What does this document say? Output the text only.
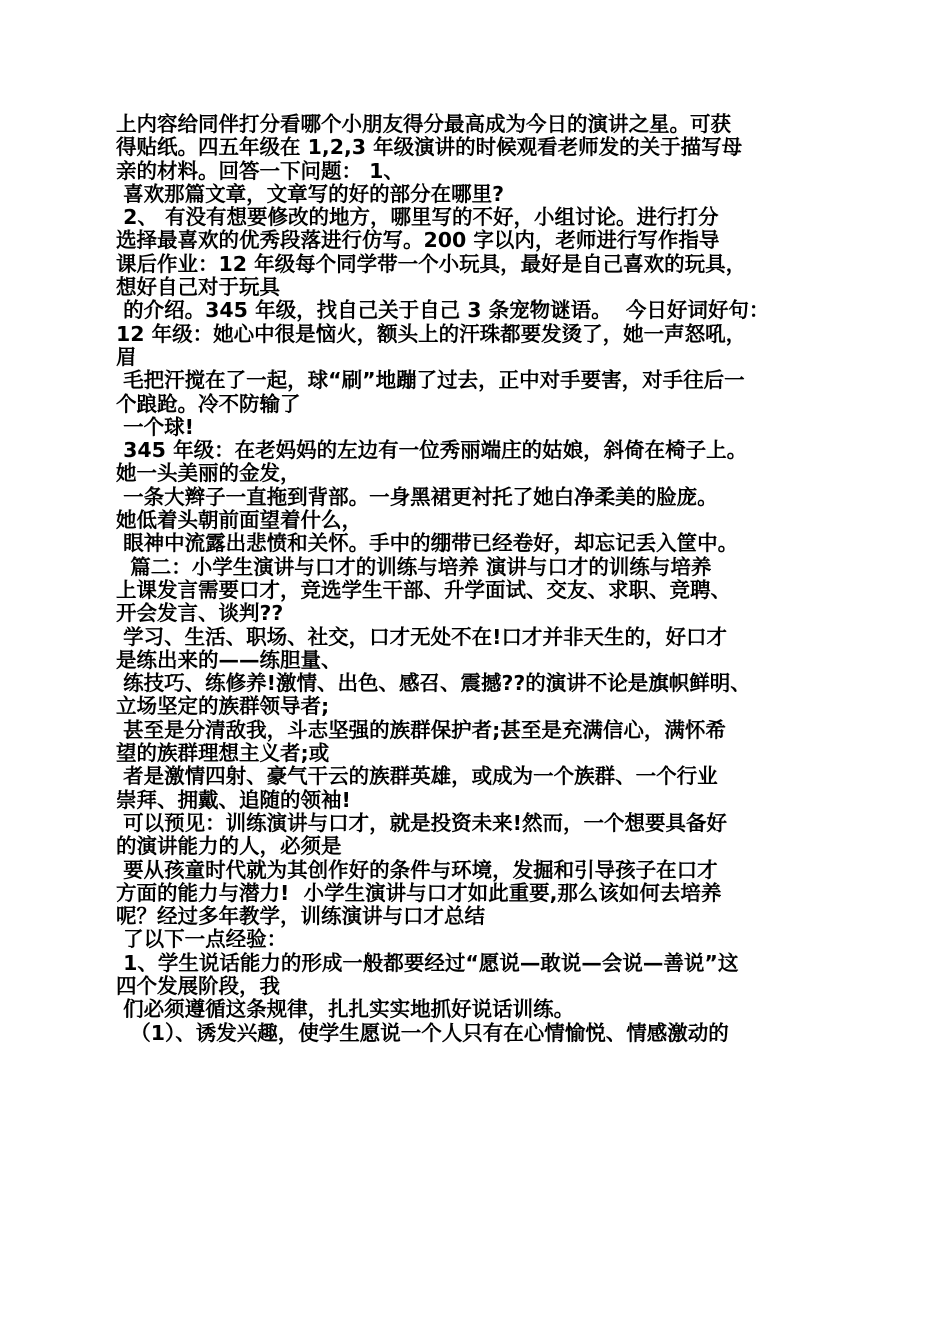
上内容给同伴打分看哪个小朋友得分最高成为今日的演讲之星。可获
得贴纸。四五年级在 1,2,3 年级演讲的时候观看老师发的关于描写母
亲的材料。回答一下问题： 1、
喜欢那篇文章，文章写的好的部分在哪里?
2、 有没有想要修改的地方，哪里写的不好，小组讨论。进行打分
选择最喜欢的优秀段落进行仿写。200 字以内，老师进行写作指导
课后作业：12 年级每个同学带一个小玩具，最好是自己喜欢的玩具，
想好自己对于玩具
的介绍。345 年级，找自己关于自己 3 条宠物谜语。  今日好词好句：
12 年级：她心中很是恼火，额头上的汗珠都要发烫了，她一声怒吼，
眉
毛把汗搅在了一起，球“刷”地蹦了过去，正中对手要害，对手往后一
个踉跄。冷不防输了
一个球!
345 年级：在老妈妈的左边有一位秀丽端庄的姑娘，斜倚在椅子上。
她一头美丽的金发，
一条大辫子一直拖到背部。一身黑裙更衬托了她白净柔美的脸庞。
她低着头朝前面望着什么，
眼神中流露出悲愤和关怀。手中的绷带已经卷好，却忘记丢入筐中。
篇二：小学生演讲与口才的训练与培养 演讲与口才的训练与培养
上课发言需要口才，竞选学生干部、升学面试、交友、求职、竞聘、
开会发言、谈判??
学习、生活、职场、社交，口才无处不在!口才并非天生的，好口才
是练出来的——练胆量、
练技巧、练修养!激情、出色、感召、震撼??的演讲不论是旗帜鲜明、
立场坚定的族群领导者;
甚至是分清敌我，斗志坚强的族群保护者;甚至是充满信心，满怀希
望的族群理想主义者;或
者是激情四射、豪气干云的族群英雄，或成为一个族群、一个行业
崇拜、拥戴、追随的领袖!
可以预见：训练演讲与口才，就是投资未来!然而，一个想要具备好
的演讲能力的人，必须是
要从孩童时代就为其创作好的条件与环境，发掘和引导孩子在口才
方面的能力与潜力!  小学生演讲与口才如此重要,那么该如何去培养
呢？经过多年教学，训练演讲与口才总结
了以下一点经验：
1、学生说话能力的形成一般都要经过“愿说—敢说—会说—善说”这
四个发展阶段，我
们必须遵循这条规律，扎扎实实地抓好说话训练。
（1）、诱发兴趣，使学生愿说一个人只有在心情愉悦、情感激动的
